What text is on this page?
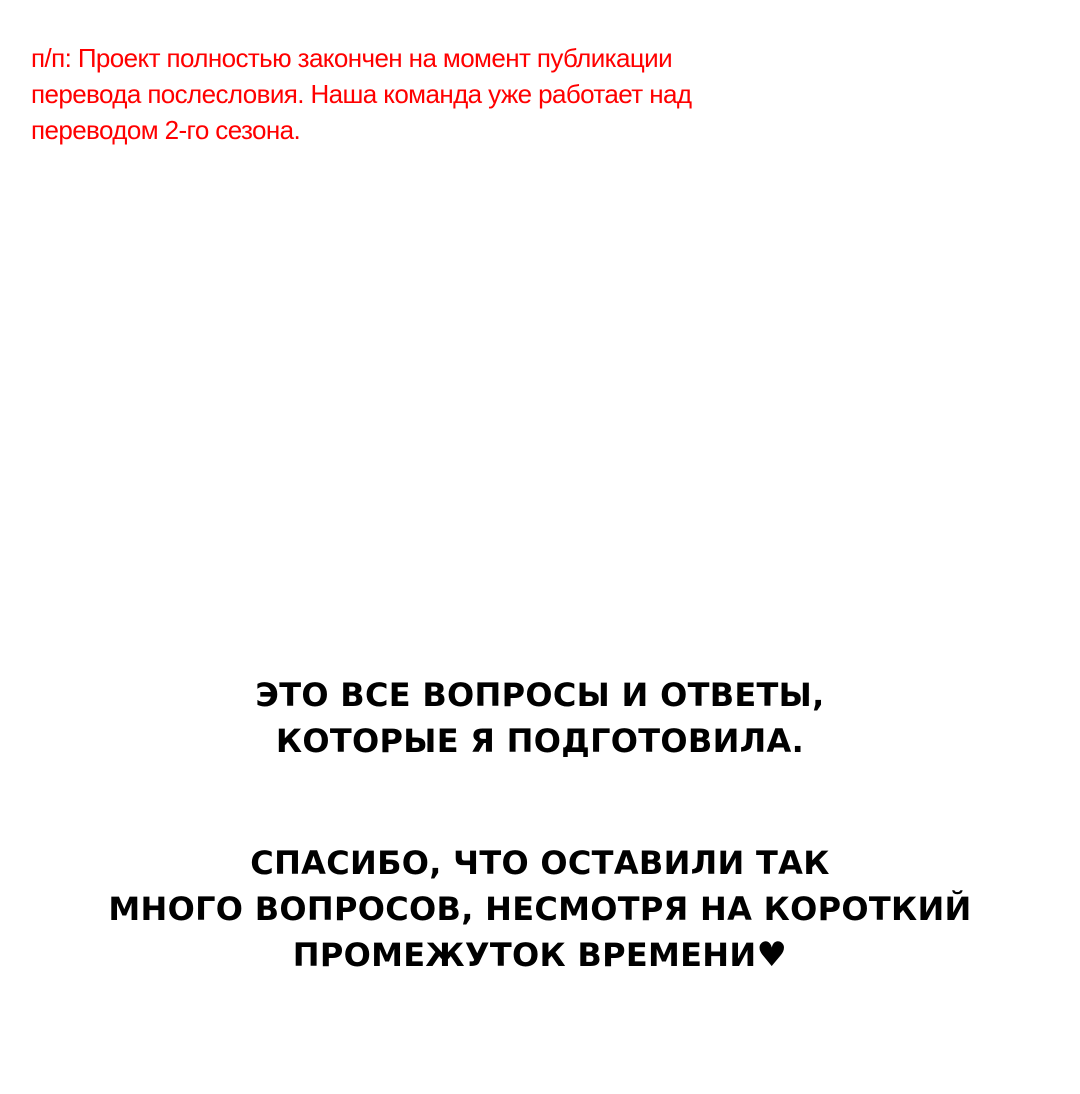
п/п: Проект полностью закончен на момент публикации
перевода послесловия. Наша команда уже работает над
переводом 2-го сезона.

ЭТО ВСЕ ВОПРОСЫ И ОТВЕТЫ,
КОТОРЫЕ Я ПОДГОТОВИЛА.

СПАСИБО, ЧТО ОСТАВИЛИ ТАК
МНОГО ВОПРОСОВ, НЕСМОТРЯ НА КОРОТКИЙ
ПРОМЕЖУТОК ВРЕМЕНИ♥
